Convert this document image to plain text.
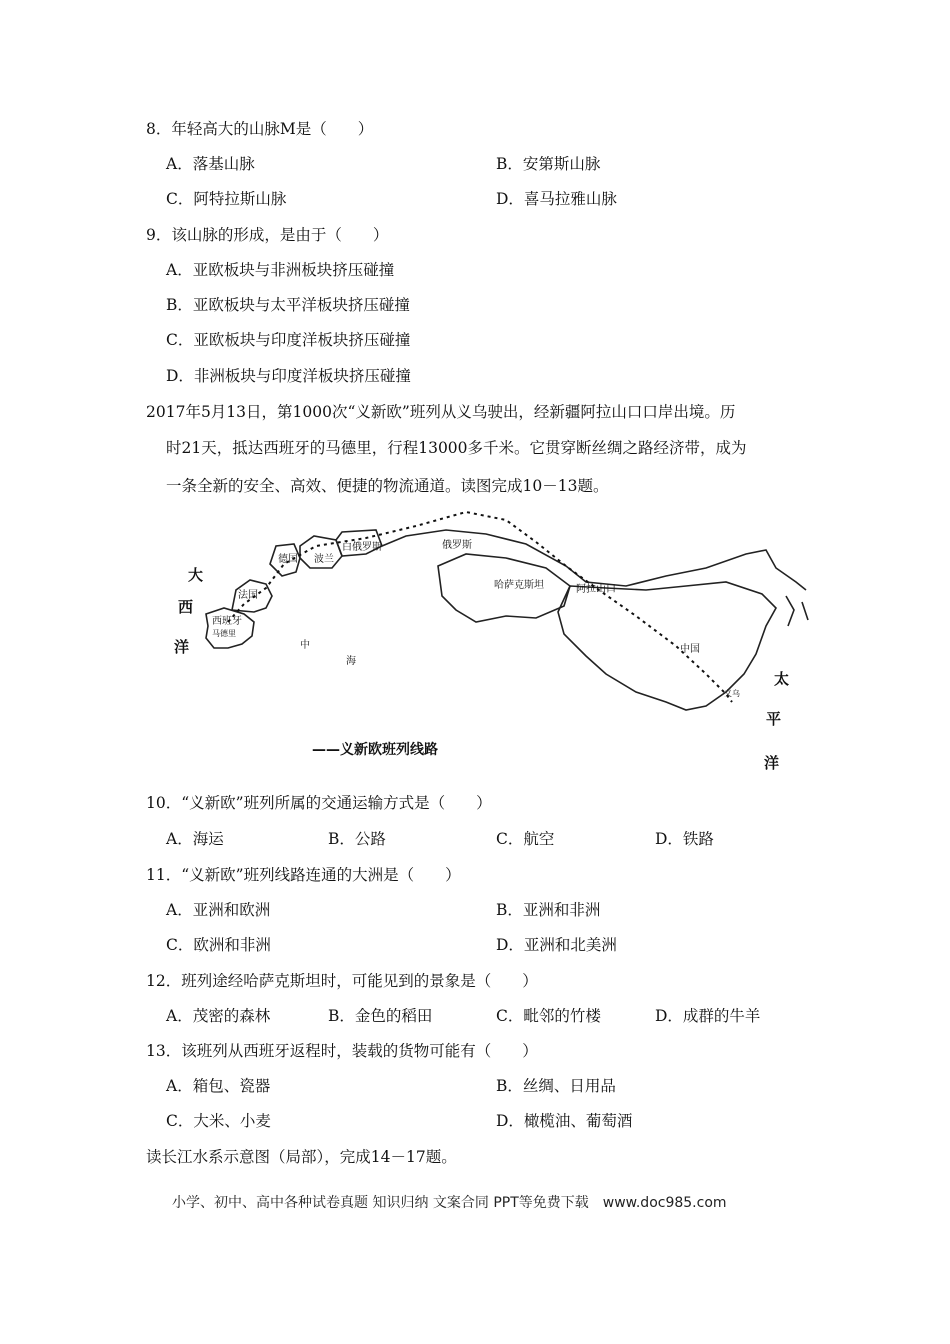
8．年轻高大的山脉M是（　　）
A．落基山脉	B．安第斯山脉
C．阿特拉斯山脉	D．喜马拉雅山脉
9．该山脉的形成，是由于（　　）
A．亚欧板块与非洲板块挤压碰撞
B．亚欧板块与太平洋板块挤压碰撞
C．亚欧板块与印度洋板块挤压碰撞
D．非洲板块与印度洋板块挤压碰撞
2017年5月13日，第1000次“义新欧”班列从义乌驶出，经新疆阿拉山口口岸出境。历
时21天，抵达西班牙的马德里，行程13000多千米。它贯穿断丝绸之路经济带，成为
一条全新的安全、高效、便捷的物流通道。读图完成10－13题。
大
西
洋
太
平
洋
中
海
德国 波兰
白俄罗斯	俄罗斯
哈萨克斯坦	阿拉山口
中国
法国
西班牙
马德里
义乌
——义新欧班列线路
10．“义新欧”班列所属的交通运输方式是（　　）
A．海运	B．公路	C．航空	D．铁路
11．“义新欧”班列线路连通的大洲是（　　）
A．亚洲和欧洲	B．亚洲和非洲
C．欧洲和非洲	D．亚洲和北美洲
12．班列途经哈萨克斯坦时，可能见到的景象是（　　）
A．茂密的森林	B．金色的稻田	C．毗邻的竹楼	D．成群的牛羊
13．该班列从西班牙返程时，装载的货物可能有（　　）
A．箱包、瓷器	B．丝绸、日用品
C．大米、小麦	D．橄榄油、葡萄酒
读长江水系示意图（局部），完成14－17题。
小学、初中、高中各种试卷真题 知识归纳 文案合同 PPT等免费下载　www.doc985.com
